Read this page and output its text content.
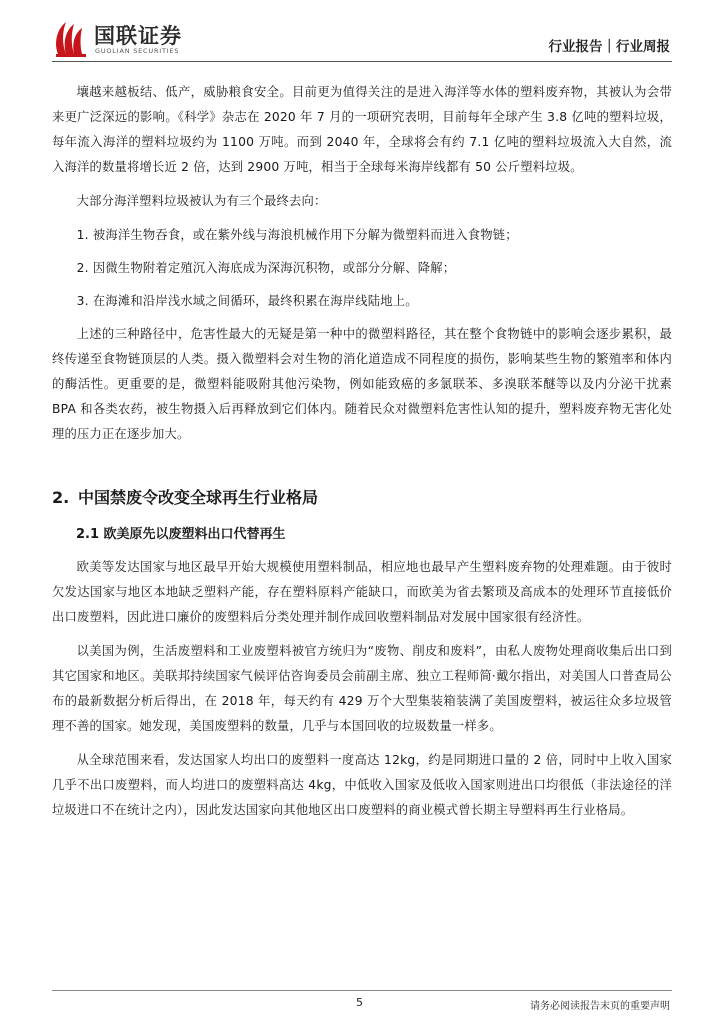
国联证券
GUOLIAN SECURITIES	行业报告｜行业周报

壤越来越板结、低产，威胁粮食安全。目前更为值得关注的是进入海洋等水体的塑料废弃物，其被认为会带来更广泛深远的影响。《科学》杂志在 2020 年 7 月的一项研究表明，目前每年全球产生 3.8 亿吨的塑料垃圾，每年流入海洋的塑料垃圾约为 1100 万吨。而到 2040 年，全球将会有约 7.1 亿吨的塑料垃圾流入大自然，流入海洋的数量将增长近 2 倍，达到 2900 万吨，相当于全球每米海岸线都有 50 公斤塑料垃圾。

大部分海洋塑料垃圾被认为有三个最终去向：

1. 被海洋生物吞食，或在紫外线与海浪机械作用下分解为微塑料而进入食物链；

2. 因微生物附着定殖沉入海底成为深海沉积物，或部分分解、降解；

3. 在海滩和沿岸浅水域之间循环，最终积累在海岸线陆地上。

上述的三种路径中，危害性最大的无疑是第一种中的微塑料路径，其在整个食物链中的影响会逐步累积，最终传递至食物链顶层的人类。摄入微塑料会对生物的消化道造成不同程度的损伤，影响某些生物的繁殖率和体内的酶活性。更重要的是，微塑料能吸附其他污染物，例如能致癌的多氯联苯、多溴联苯醚等以及内分泌干扰素 BPA 和各类农药，被生物摄入后再释放到它们体内。随着民众对微塑料危害性认知的提升，塑料废弃物无害化处理的压力正在逐步加大。

2. 中国禁废令改变全球再生行业格局
2.1 欧美原先以废塑料出口代替再生

欧美等发达国家与地区最早开始大规模使用塑料制品，相应地也最早产生塑料废弃物的处理难题。由于彼时欠发达国家与地区本地缺乏塑料产能，存在塑料原料产能缺口，而欧美为省去繁琐及高成本的处理环节直接低价出口废塑料，因此进口廉价的废塑料后分类处理并制作成回收塑料制品对发展中国家很有经济性。

以美国为例，生活废塑料和工业废塑料被官方统归为“废物、削皮和废料”，由私人废物处理商收集后出口到其它国家和地区。美联邦持续国家气候评估咨询委员会前副主席、独立工程师简·戴尔指出，对美国人口普查局公布的最新数据分析后得出，在 2018 年，每天约有 429 万个大型集装箱装满了美国废塑料，被运往众多垃圾管理不善的国家。她发现，美国废塑料的数量，几乎与本国回收的垃圾数量一样多。

从全球范围来看，发达国家人均出口的废塑料一度高达 12kg，约是同期进口量的 2 倍，同时中上收入国家几乎不出口废塑料，而人均进口的废塑料高达 4kg，中低收入国家及低收入国家则进出口均很低（非法途径的洋垃圾进口不在统计之内），因此发达国家向其他地区出口废塑料的商业模式曾长期主导塑料再生行业格局。

5	请务必阅读报告末页的重要声明
